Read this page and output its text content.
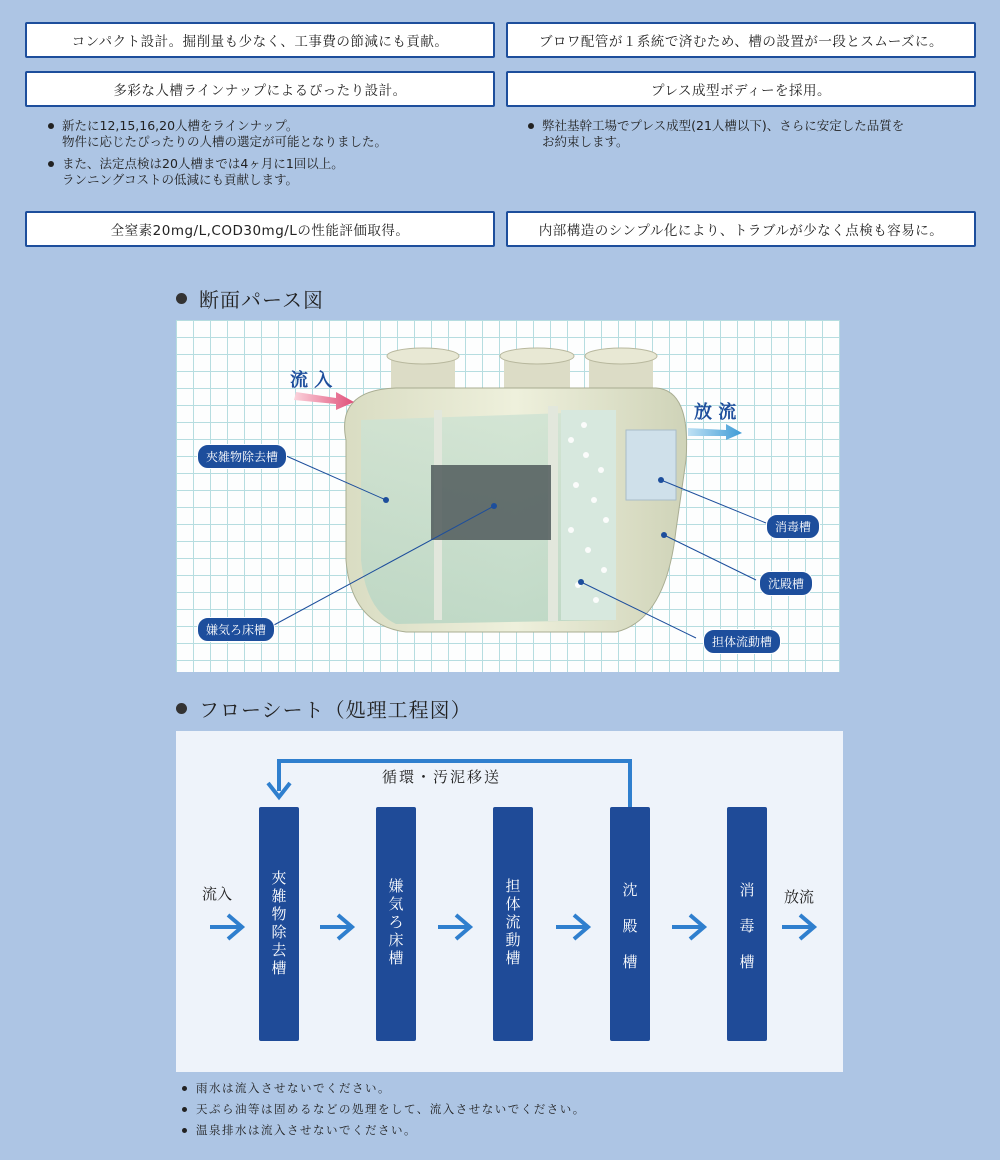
コンパクト設計。掘削量も少なく、工事費の節減にも貢献。	ブロワ配管が１系統で済むため、槽の設置が一段とスムーズに。
多彩な人槽ラインナップによるぴったり設計。	プレス成型ボディーを採用。
新たに12,15,16,20人槽をラインナップ。
物件に応じたぴったりの人槽の選定が可能となりました。
また、法定点検は20人槽までは4ヶ月に1回以上。
ランニングコストの低減にも貢献します。
弊社基幹工場でプレス成型(21人槽以下)、さらに安定した品質を
お約束します。
全窒素20mg/L,COD30mg/Lの性能評価取得。	内部構造のシンプル化により、トラブルが少なく点検も容易に。
断面パース図
流 入
放 流
夾雑物除去槽
嫌気ろ床槽
担体流動槽
沈殿槽
消毒槽
フローシート（処理工程図）
循環・汚泥移送
流入	放流
夾
雑
物
除
去
槽
嫌
気
ろ
床
槽
担
体
流
動
槽
沈
殿
槽
消
毒
槽
雨水は流入させないでください。
天ぷら油等は固めるなどの処理をして、流入させないでください。
温泉排水は流入させないでください。
